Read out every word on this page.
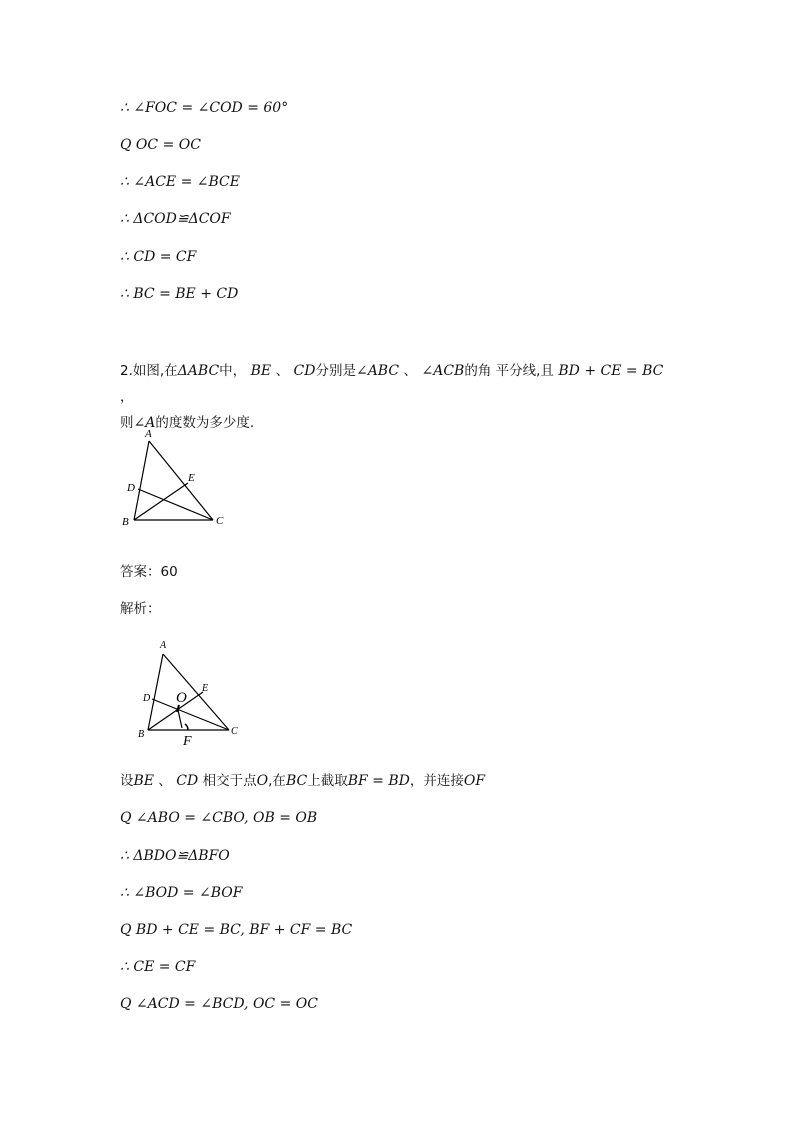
∴ ∠FOC = ∠COD = 60°
Q OC = OC
∴ ∠ACE = ∠BCE
∴ ΔCOD≌ΔCOF
∴ CD = CF
∴ BC = BE + CD
2.如图,在ΔABC中， BE 、 CD分别是∠ABC 、 ∠ACB的角 平分线,且 BD + CE = BC ，
则∠A的度数为多少度.
A
B	C
D
E
答案：60
解析：
A
B	C
D
E
O
F
设BE 、 CD 相交于点O,在BC上截取BF = BD，并连接OF
Q ∠ABO = ∠CBO, OB = OB
∴ ΔBDO≌ΔBFO
∴ ∠BOD = ∠BOF
Q BD + CE = BC, BF + CF = BC
∴ CE = CF
Q ∠ACD = ∠BCD, OC = OC
